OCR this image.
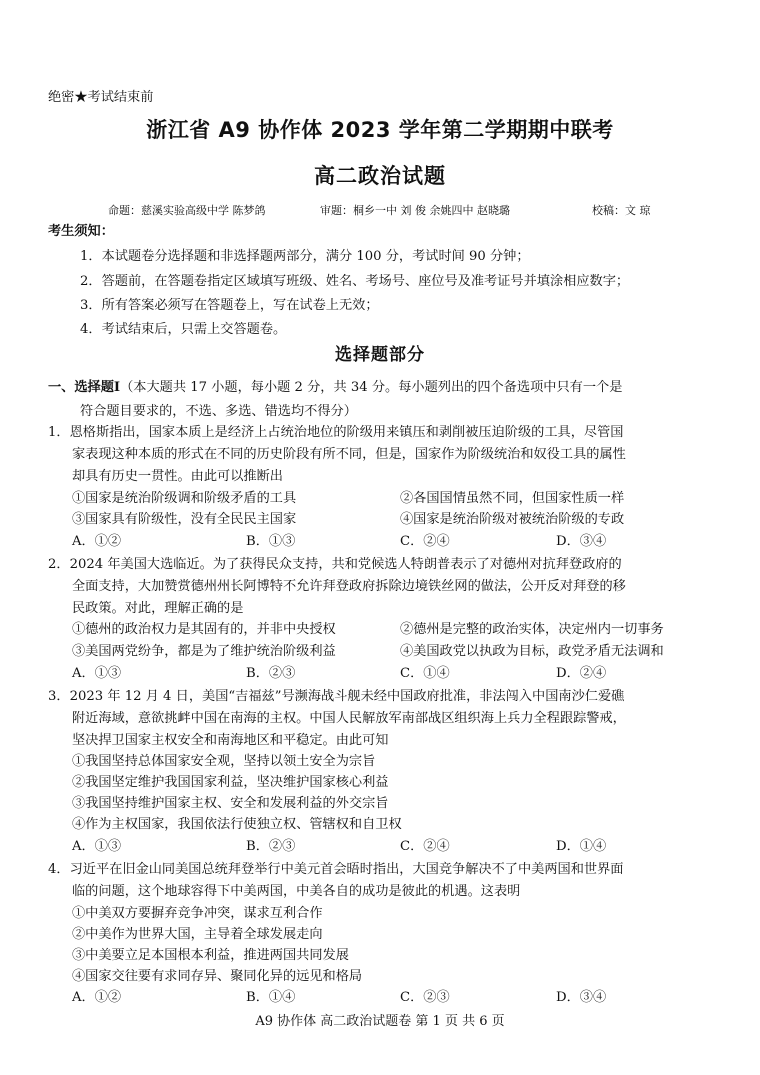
绝密★考试结束前
浙江省 A9 协作体 2023 学年第二学期期中联考
高二政治试题
命题：慈溪实验高级中学 陈梦鸽	审题：桐乡一中 刘 俊 余姚四中 赵晓璐	校稿：文 琼
考生须知：
1．本试题卷分选择题和非选择题两部分，满分 100 分，考试时间 90 分钟；
2．答题前，在答题卷指定区域填写班级、姓名、考场号、座位号及准考证号并填涂相应数字；
3．所有答案必须写在答题卷上，写在试卷上无效；
4．考试结束后，只需上交答题卷。
选择题部分
一、选择题Ⅰ（本大题共 17 小题，每小题 2 分，共 34 分。每小题列出的四个备选项中只有一个是
符合题目要求的，不选、多选、错选均不得分）
1．恩格斯指出，国家本质上是经济上占统治地位的阶级用来镇压和剥削被压迫阶级的工具，尽管国
家表现这种本质的形式在不同的历史阶段有所不同，但是，国家作为阶级统治和奴役工具的属性
却具有历史一贯性。由此可以推断出
①国家是统治阶级调和阶级矛盾的工具	②各国国情虽然不同，但国家性质一样
③国家具有阶级性，没有全民民主国家	④国家是统治阶级对被统治阶级的专政
A．①②	B．①③	C．②④	D．③④
2．2024 年美国大选临近。为了获得民众支持，共和党候选人特朗普表示了对德州对抗拜登政府的
全面支持，大加赞赏德州州长阿博特不允许拜登政府拆除边境铁丝网的做法，公开反对拜登的移
民政策。对此，理解正确的是
①德州的政治权力是其固有的，并非中央授权	②德州是完整的政治实体，决定州内一切事务
③美国两党纷争，都是为了维护统治阶级利益	④美国政党以执政为目标，政党矛盾无法调和
A．①③	B．②③	C．①④	D．②④
3．2023 年 12 月 4 日，美国“吉福兹”号濒海战斗舰未经中国政府批准，非法闯入中国南沙仁爱礁
附近海域，意欲挑衅中国在南海的主权。中国人民解放军南部战区组织海上兵力全程跟踪警戒，
坚决捍卫国家主权安全和南海地区和平稳定。由此可知
①我国坚持总体国家安全观，坚持以领土安全为宗旨
②我国坚定维护我国国家利益，坚决维护国家核心利益
③我国坚持维护国家主权、安全和发展利益的外交宗旨
④作为主权国家，我国依法行使独立权、管辖权和自卫权
A．①③	B．②③	C．②④	D．①④
4．习近平在旧金山同美国总统拜登举行中美元首会晤时指出，大国竞争解决不了中美两国和世界面
临的问题，这个地球容得下中美两国，中美各自的成功是彼此的机遇。这表明
①中美双方要摒弃竞争冲突，谋求互利合作
②中美作为世界大国，主导着全球发展走向
③中美要立足本国根本利益，推进两国共同发展
④国家交往要有求同存异、聚同化异的远见和格局
A．①②	B．①④	C．②③	D．③④
A9 协作体 高二政治试题卷 第 1 页 共 6 页
